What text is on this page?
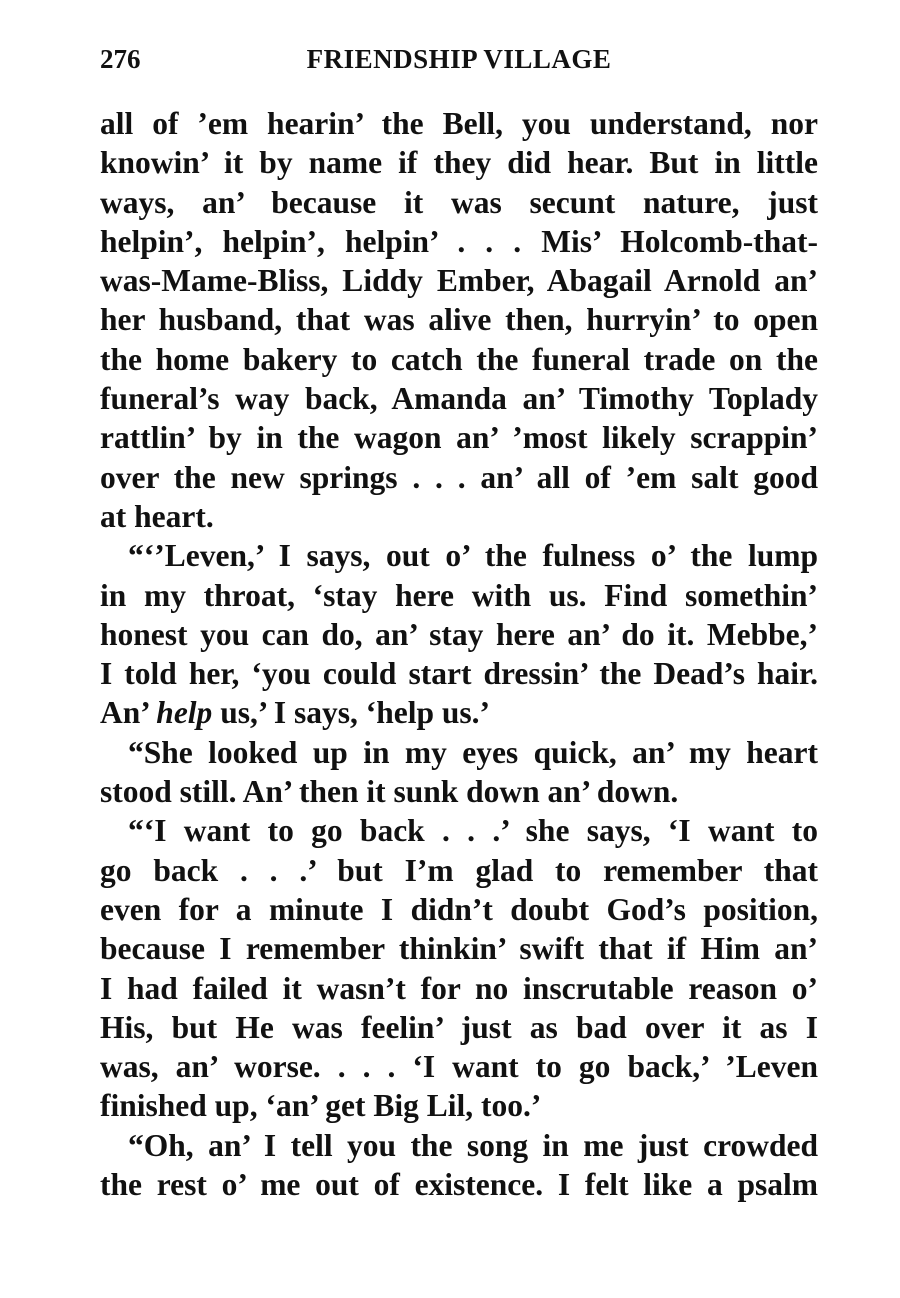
276	FRIENDSHIP VILLAGE
all of ’em hearin’ the Bell, you understand, nor
knowin’ it by name if they did hear. But in little
ways, an’ because it was secunt nature, just
helpin’, helpin’, helpin’ . . . Mis’ Holcomb-that-
was-Mame-Bliss, Liddy Ember, Abagail Arnold an’
her husband, that was alive then, hurryin’ to open
the home bakery to catch the funeral trade on the
funeral’s way back, Amanda an’ Timothy Toplady
rattlin’ by in the wagon an’ ’most likely scrappin’
over the new springs . . . an’ all of ’em salt good
at heart.
“‘’Leven,’ I says, out o’ the fulness o’ the lump
in my throat, ‘stay here with us. Find somethin’
honest you can do, an’ stay here an’ do it. Mebbe,’
I told her, ‘you could start dressin’ the Dead’s hair.
An’ help us,’ I says, ‘help us.’
“She looked up in my eyes quick, an’ my heart
stood still. An’ then it sunk down an’ down.
“‘I want to go back . . .’ she says, ‘I want to
go back . . .’ but I’m glad to remember that
even for a minute I didn’t doubt God’s position,
because I remember thinkin’ swift that if Him an’
I had failed it wasn’t for no inscrutable reason o’
His, but He was feelin’ just as bad over it as I
was, an’ worse. . . . ‘I want to go back,’ ’Leven
finished up, ‘an’ get Big Lil, too.’
“Oh, an’ I tell you the song in me just crowded
the rest o’ me out of existence. I felt like a psalm
